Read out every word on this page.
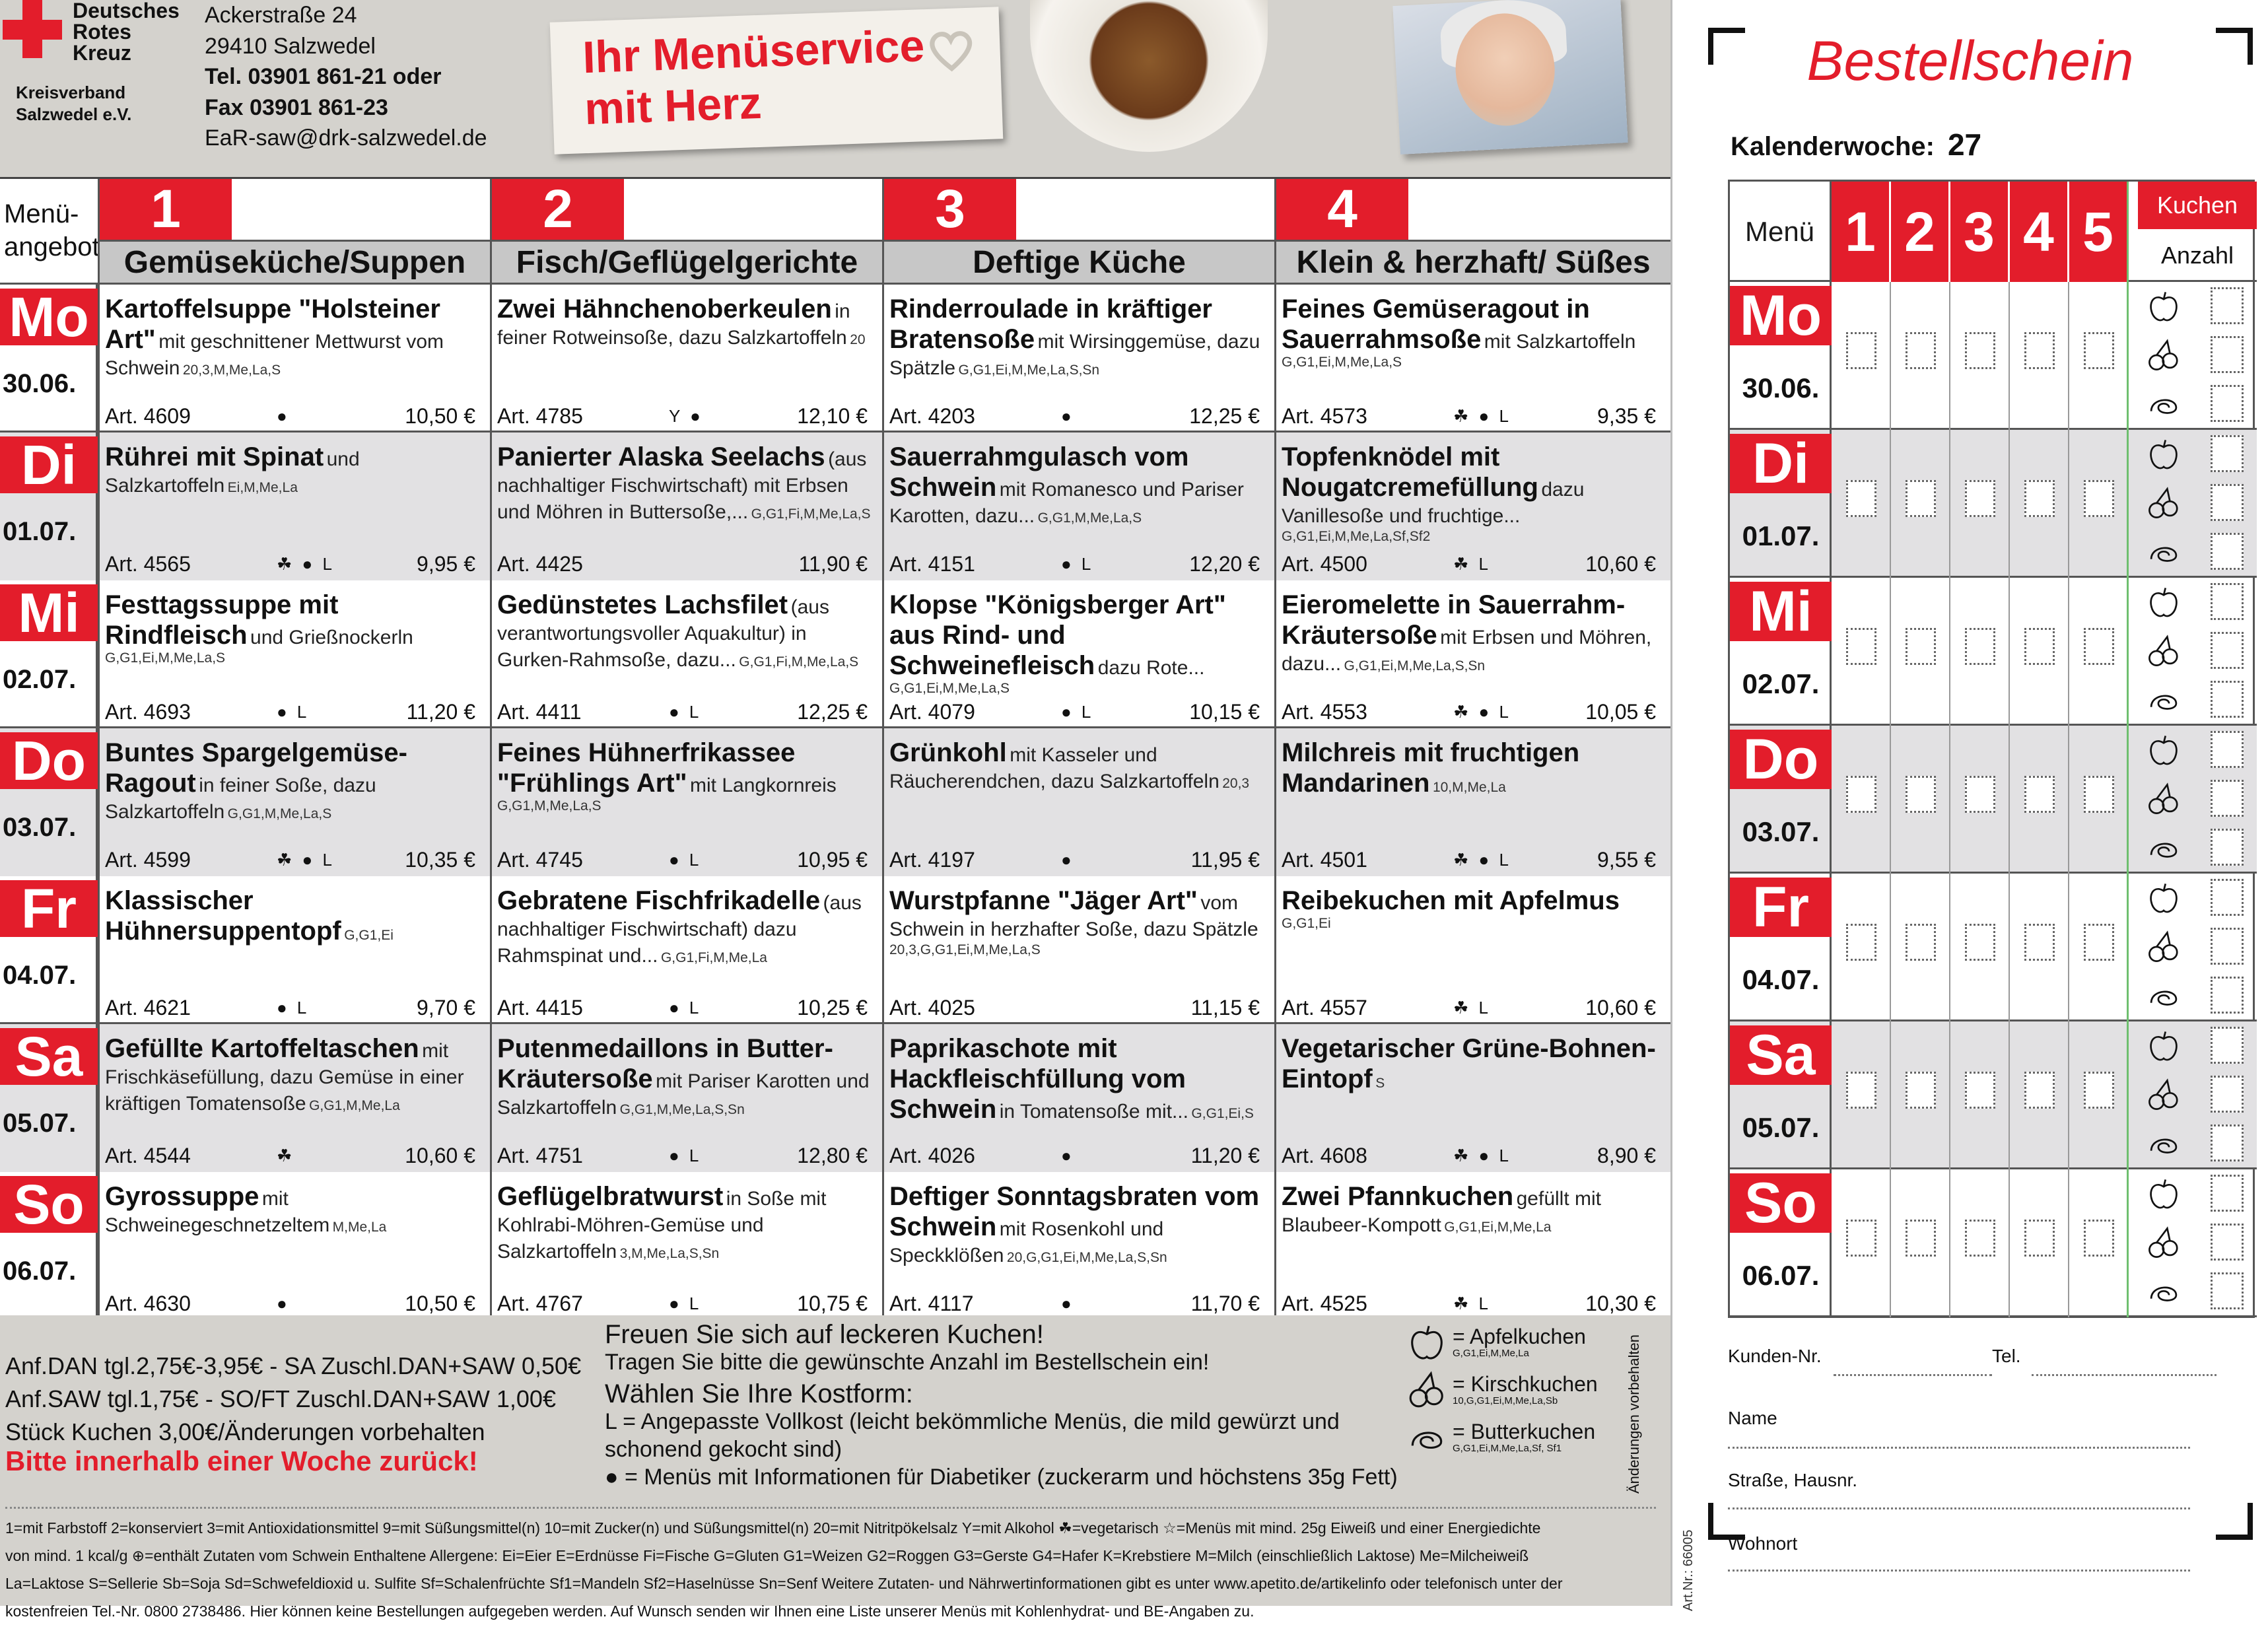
Deutsches
Rotes
Kreuz
Kreisverband
Salzwedel e.V.
Ackerstraße 24
29410 Salzwedel
Tel. 03901 861-21 oder
Fax 03901 861-23
EaR-saw@drk-salzwedel.de
Ihr Menüservice
mit Herz
Menü-
angebot
1
Gemüseküche/Suppen
2
Fisch/Geflügelgerichte
3
Deftige Küche
4
Klein & herzhaft/ Süßes
Mo
30.06.
Kartoffelsuppe "Holsteiner Art" mit geschnittener Mettwurst vom Schwein 20,3,M,Me,La,S
Art. 4609	●	10,50 €
Zwei Hähnchenoberkeulen in feiner Rotweinsoße, dazu Salzkartoffeln 20
Art. 4785	Y ●	12,10 €
Rinderroulade in kräftiger Bratensoße mit Wirsinggemüse, dazu Spätzle G,G1,Ei,M,Me,La,S,Sn
Art. 4203	●	12,25 €
Feines Gemüseragout in Sauerrahmsoße mit Salzkartoffeln G,G1,Ei,M,Me,La,S
Art. 4573	☘ ● L	9,35 €
Di
01.07.
Rührei mit Spinat und Salzkartoffeln Ei,M,Me,La
Art. 4565	☘ ● L	9,95 €
Panierter Alaska Seelachs (aus nachhaltiger Fischwirtschaft) mit Erbsen und Möhren in Buttersoße,... G,G1,Fi,M,Me,La,S
Art. 4425	11,90 €
Sauerrahmgulasch vom Schwein mit Romanesco und Pariser Karotten, dazu... G,G1,M,Me,La,S
Art. 4151	● L	12,20 €
Topfenknödel mit Nougatcremefüllung dazu Vanillesoße und fruchtige... G,G1,Ei,M,Me,La,Sf,Sf2
Art. 4500	☘ L	10,60 €
Mi
02.07.
Festtagssuppe mit Rindfleisch und Grießnockerln G,G1,Ei,M,Me,La,S
Art. 4693	● L	11,20 €
Gedünstetes Lachsfilet (aus verantwortungsvoller Aquakultur) in Gurken-Rahmsoße, dazu... G,G1,Fi,M,Me,La,S
Art. 4411	● L	12,25 €
Klopse "Königsberger Art" aus Rind- und Schweinefleisch dazu Rote... G,G1,Ei,M,Me,La,S
Art. 4079	● L	10,15 €
Eieromelette in Sauerrahm-Kräutersoße mit Erbsen und Möhren, dazu... G,G1,Ei,M,Me,La,S,Sn
Art. 4553	☘ ● L	10,05 €
Do
03.07.
Buntes Spargelgemüse-Ragout in feiner Soße, dazu Salzkartoffeln G,G1,M,Me,La,S
Art. 4599	☘ ● L	10,35 €
Feines Hühnerfrikassee "Frühlings Art" mit Langkornreis G,G1,M,Me,La,S
Art. 4745	● L	10,95 €
Grünkohl mit Kasseler und Räucherendchen, dazu Salzkartoffeln 20,3
Art. 4197	●	11,95 €
Milchreis mit fruchtigen Mandarinen 10,M,Me,La
Art. 4501	☘ ● L	9,55 €
Fr
04.07.
Klassischer Hühnersuppentopf G,G1,Ei
Art. 4621	● L	9,70 €
Gebratene Fischfrikadelle (aus nachhaltiger Fischwirtschaft) dazu Rahmspinat und... G,G1,Fi,M,Me,La
Art. 4415	● L	10,25 €
Wurstpfanne "Jäger Art" vom Schwein in herzhafter Soße, dazu Spätzle 20,3,G,G1,Ei,M,Me,La,S
Art. 4025	11,15 €
Reibekuchen mit Apfelmus G,G1,Ei
Art. 4557	☘ L	10,60 €
Sa
05.07.
Gefüllte Kartoffeltaschen mit Frischkäsefüllung, dazu Gemüse in einer kräftigen Tomatensoße G,G1,M,Me,La
Art. 4544	☘	10,60 €
Putenmedaillons in Butter-Kräutersoße mit Pariser Karotten und Salzkartoffeln G,G1,M,Me,La,S,Sn
Art. 4751	● L	12,80 €
Paprikaschote mit Hackfleischfüllung vom Schwein in Tomatensoße mit... G,G1,Ei,S
Art. 4026	●	11,20 €
Vegetarischer Grüne-Bohnen-Eintopf S
Art. 4608	☘ ● L	8,90 €
So
06.07.
Gyrossuppe mit Schweinegeschnetzeltem M,Me,La
Art. 4630	●	10,50 €
Geflügelbratwurst in Soße mit Kohlrabi-Möhren-Gemüse und Salzkartoffeln 3,M,Me,La,S,Sn
Art. 4767	● L	10,75 €
Deftiger Sonntagsbraten vom Schwein mit Rosenkohl und Speckklößen 20,G,G1,Ei,M,Me,La,S,Sn
Art. 4117	●	11,70 €
Zwei Pfannkuchen gefüllt mit Blaubeer-Kompott G,G1,Ei,M,Me,La
Art. 4525	☘ L	10,30 €
Anf.DAN tgl.2,75€-3,95€ - SA Zuschl.DAN+SAW 0,50€
Anf.SAW tgl.1,75€ - SO/FT Zuschl.DAN+SAW 1,00€
Stück Kuchen 3,00€/Änderungen vorbehalten
Bitte innerhalb einer Woche zurück!
Freuen Sie sich auf leckeren Kuchen!
Tragen Sie bitte die gewünschte Anzahl im Bestellschein ein!
Wählen Sie Ihre Kostform:
L = Angepasste Vollkost (leicht bekömmliche Menüs, die mild gewürzt und schonend gekocht sind)
● = Menüs mit Informationen für Diabetiker (zuckerarm und höchstens 35g Fett)
= Apfelkuchen
G,G1,Ei,M,Me,La
= Kirschkuchen
10,G,G1,Ei,M,Me,La,Sb
= Butterkuchen
G,G1,Ei,M,Me,La,Sf, Sf1	Änderungen vorbehalten
1=mit Farbstoff 2=konserviert 3=mit Antioxidationsmittel 9=mit Süßungsmittel(n) 10=mit Zucker(n) und Süßungsmittel(n) 20=mit Nitritpökelsalz Y=mit Alkohol ☘=vegetarisch ☆=Menüs mit mind. 25g Eiweiß und einer Energiedichte
von mind. 1 kcal/g ⊕=enthält Zutaten vom Schwein Enthaltene Allergene: Ei=Eier E=Erdnüsse Fi=Fische G=Gluten G1=Weizen G2=Roggen G3=Gerste G4=Hafer K=Krebstiere M=Milch (einschließlich Laktose) Me=Milcheiweiß
La=Laktose S=Sellerie Sb=Soja Sd=Schwefeldioxid u. Sulfite Sf=Schalenfrüchte Sf1=Mandeln Sf2=Haselnüsse Sn=Senf Weitere Zutaten- und Nährwertinformationen gibt es unter www.apetito.de/artikelinfo oder telefonisch unter der
kostenfreien Tel.-Nr. 0800 2738486. Hier können keine Bestellungen aufgegeben werden. Auf Wunsch senden wir Ihnen eine Liste unserer Menüs mit Kohlenhydrat- und BE-Angaben zu.
Bestellschein
Kalenderwoche: 27
Menü 1 2 3 4 5	Kuchen
Anzahl
Mo
30.06.
Di
01.07.
Mi
02.07.
Do
03.07.
Fr
04.07.
Sa
05.07.
So
06.07.
Kunden-Nr.	Tel.
Name
Straße, Hausnr.
Wohnort
Art.Nr.: 66005
